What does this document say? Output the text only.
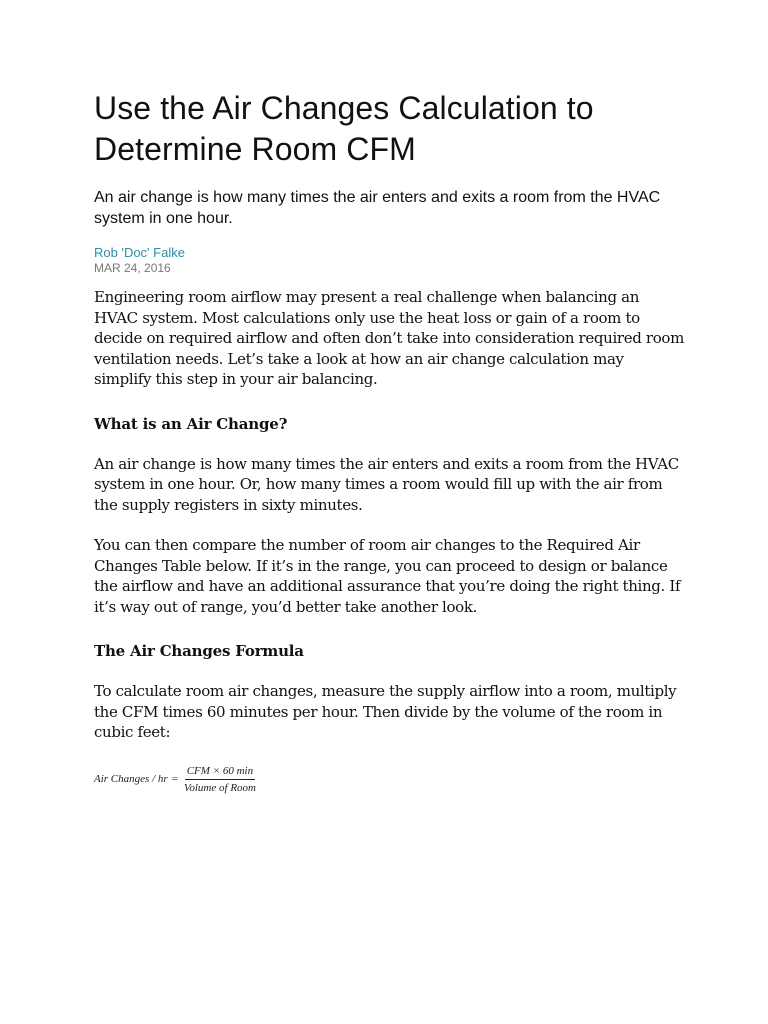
Use the Air Changes Calculation to Determine Room CFM

An air change is how many times the air enters and exits a room from the HVAC system in one hour.

Rob 'Doc' Falke
MAR 24, 2016

Engineering room airflow may present a real challenge when balancing an HVAC system. Most calculations only use the heat loss or gain of a room to decide on required airflow and often don’t take into consideration required room ventilation needs. Let’s take a look at how an air change calculation may simplify this step in your air balancing.

What is an Air Change?

An air change is how many times the air enters and exits a room from the HVAC system in one hour. Or, how many times a room would fill up with the air from the supply registers in sixty minutes.

You can then compare the number of room air changes to the Required Air Changes Table below. If it’s in the range, you can proceed to design or balance the airflow and have an additional assurance that you’re doing the right thing. If it’s way out of range, you’d better take another look.

The Air Changes Formula

To calculate room air changes, measure the supply airflow into a room, multiply the CFM times 60 minutes per hour. Then divide by the volume of the room in cubic feet:

Air Changes / hr = $\frac{\text{CFM × 60 min}}{\text{Volume of Room}}$
